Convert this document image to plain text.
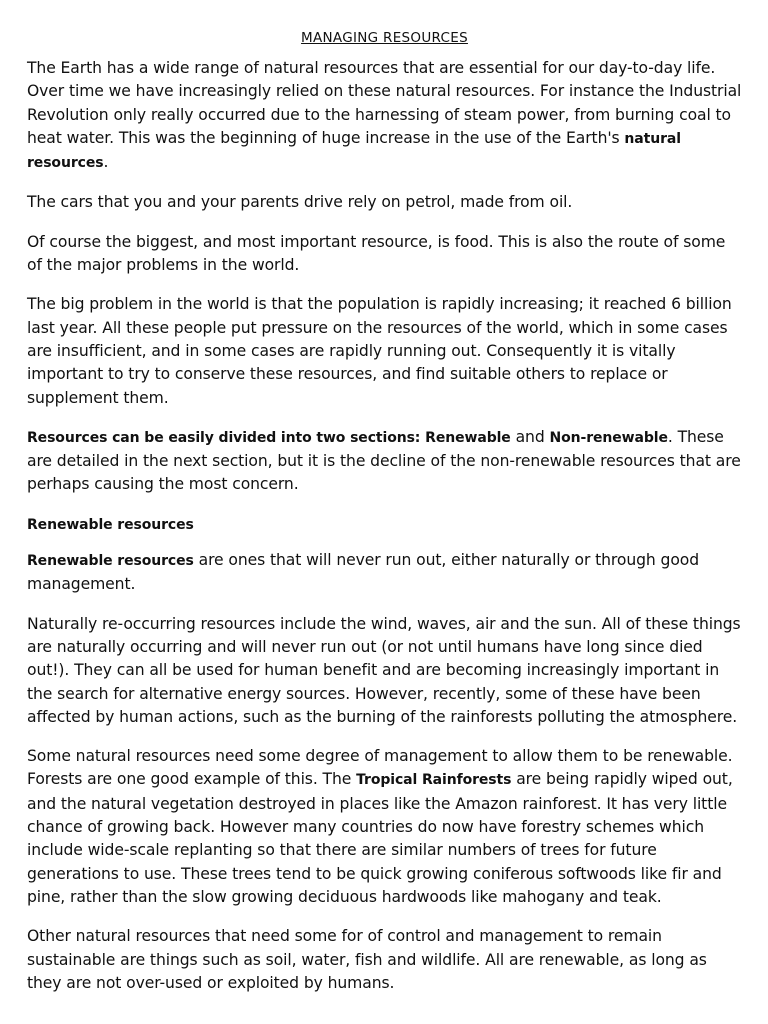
MANAGING RESOURCES

The Earth has a wide range of natural resources that are essential for our day-to-day life. Over time we have increasingly relied on these natural resources. For instance the Industrial Revolution only really occurred due to the harnessing of steam power, from burning coal to heat water. This was the beginning of huge increase in the use of the Earth's natural resources.

The cars that you and your parents drive rely on petrol, made from oil.

Of course the biggest, and most important resource, is food. This is also the route of some of the major problems in the world.

The big problem in the world is that the population is rapidly increasing; it reached 6 billion last year. All these people put pressure on the resources of the world, which in some cases are insufficient, and in some cases are rapidly running out. Consequently it is vitally important to try to conserve these resources, and find suitable others to replace or supplement them.

Resources can be easily divided into two sections: Renewable and Non-renewable. These are detailed in the next section, but it is the decline of the non-renewable resources that are perhaps causing the most concern.

Renewable resources

Renewable resources are ones that will never run out, either naturally or through good management.

Naturally re-occurring resources include the wind, waves, air and the sun. All of these things are naturally occurring and will never run out (or not until humans have long since died out!). They can all be used for human benefit and are becoming increasingly important in the search for alternative energy sources. However, recently, some of these have been affected by human actions, such as the burning of the rainforests polluting the atmosphere.

Some natural resources need some degree of management to allow them to be renewable. Forests are one good example of this. The Tropical Rainforests are being rapidly wiped out, and the natural vegetation destroyed in places like the Amazon rainforest. It has very little chance of growing back. However many countries do now have forestry schemes which include wide-scale replanting so that there are similar numbers of trees for future generations to use. These trees tend to be quick growing coniferous softwoods like fir and pine, rather than the slow growing deciduous hardwoods like mahogany and teak.

Other natural resources that need some for of control and management to remain sustainable are things such as soil, water, fish and wildlife. All are renewable, as long as they are not over-used or exploited by humans.
